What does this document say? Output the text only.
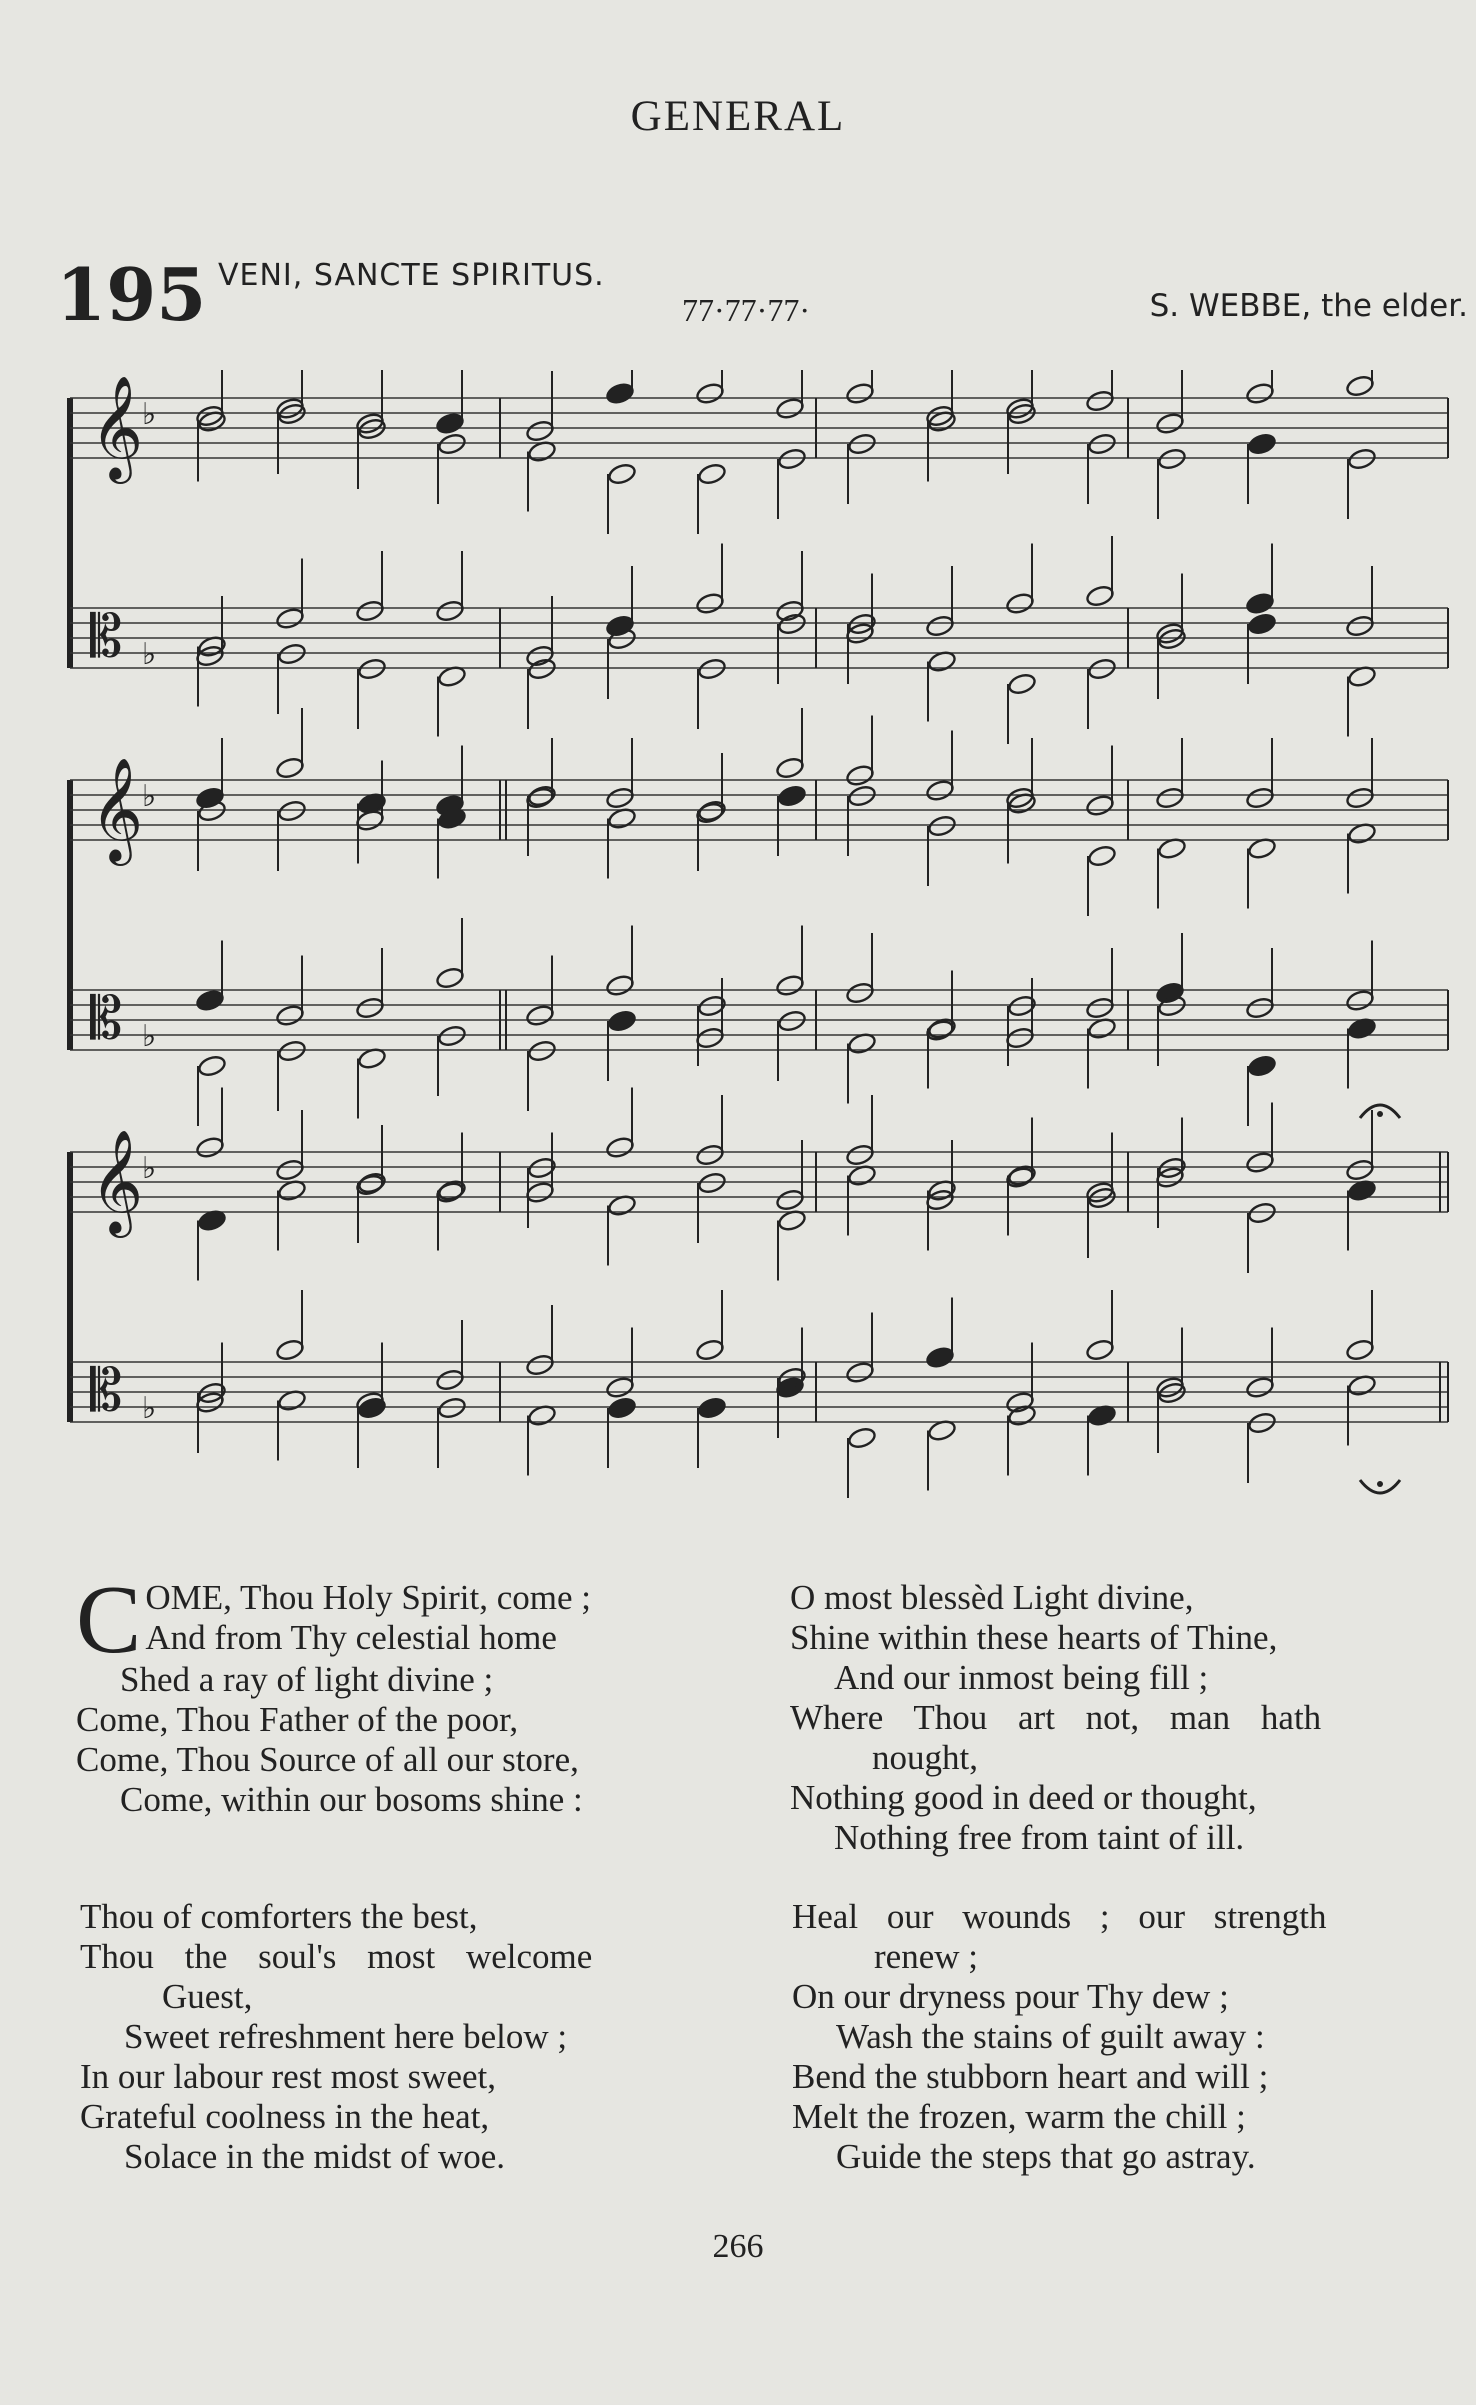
GENERAL
195 VENI, SANCTE SPIRITUS.
77·77·77·	S. WEBBE, the elder.
𝄞
♭
𝄡 ♭
𝄞
♭
𝄡 ♭
𝄞
♭
𝄡 ♭
C OME, Thou Holy Spirit, come ;
And from Thy celestial home
Shed a ray of light divine ;
Come, Thou Father of the poor,
Come, Thou Source of all our store,
Come, within our bosoms shine :
O most blessèd Light divine,
Shine within these hearts of Thine,
And our inmost being fill ;
Where Thou art not, man hath
nought,
Nothing good in deed or thought,
Nothing free from taint of ill.
Thou of comforters the best,
Thou the soul's most welcome
Guest,
Sweet refreshment here below ;
In our labour rest most sweet,
Grateful coolness in the heat,
Solace in the midst of woe.
Heal our wounds ; our strength
renew ;
On our dryness pour Thy dew ;
Wash the stains of guilt away :
Bend the stubborn heart and will ;
Melt the frozen, warm the chill ;
Guide the steps that go astray.
266
